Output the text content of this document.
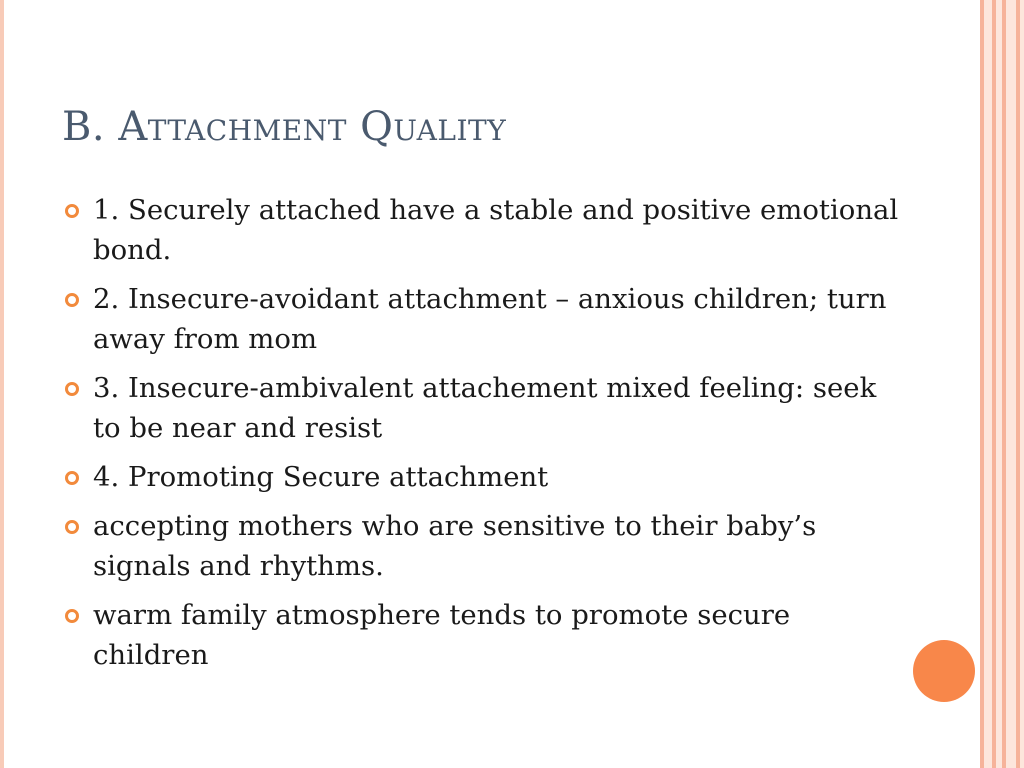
B. Attachment Quality
1. Securely attached have a stable and positive emotional bond.
2. Insecure-avoidant attachment – anxious children; turn away from mom
3. Insecure-ambivalent attachement mixed feeling: seek to be near and resist
4. Promoting Secure attachment
accepting mothers who are sensitive to their baby’s signals and rhythms.
warm family atmosphere tends to promote secure children
